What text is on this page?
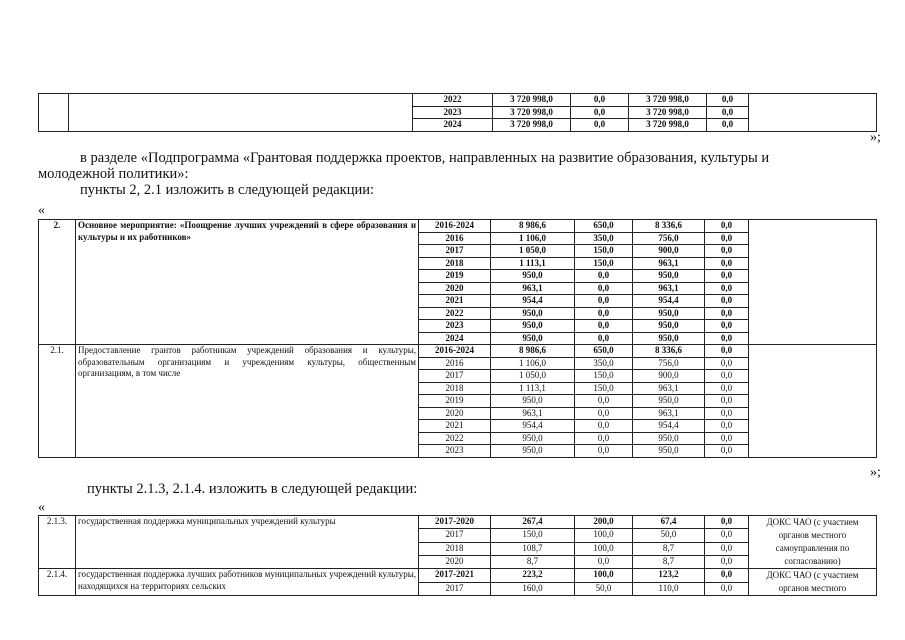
		2022	3 720 998,0	0,0	3 720 998,0	0,0	
		2023	3 720 998,0	0,0	3 720 998,0	0,0	
		2024	3 720 998,0	0,0	3 720 998,0	0,0	
»;
в разделе «Подпрограмма «Грантовая поддержка проектов, направленных на развитие образования, культуры и
молодежной политики»:
пункты 2, 2.1 изложить в следующей редакции:
«
2.	Основное мероприятие: «Поощрение лучших учреждений в сфере образования и культуры и их работников»	2016-2024	8 986,6	650,0	8 336,6	0,0	
		2016	1 106,0	350,0	756,0	0,0	
		2017	1 050,0	150,0	900,0	0,0	
		2018	1 113,1	150,0	963,1	0,0	
		2019	950,0	0,0	950,0	0,0	
		2020	963,1	0,0	963,1	0,0	
		2021	954,4	0,0	954,4	0,0	
		2022	950,0	0,0	950,0	0,0	
		2023	950,0	0,0	950,0	0,0	
		2024	950,0	0,0	950,0	0,0	
2.1.	Предоставление грантов работникам учреждений образования и культуры, образовательным организациям и учреждениям культуры, общественным организациям, в том числе	2016-2024	8 986,6	650,0	8 336,6	0,0	
		2016	1 106,0	350,0	756,0	0,0	
		2017	1 050,0	150,0	900,0	0,0	
		2018	1 113,1	150,0	963,1	0,0	
		2019	950,0	0,0	950,0	0,0	
		2020	963,1	0,0	963,1	0,0	
		2021	954,4	0,0	954,4	0,0	
		2022	950,0	0,0	950,0	0,0	
		2023	950,0	0,0	950,0	0,0	
»;
пункты 2.1.3, 2.1.4. изложить в следующей редакции:
«
2.1.3.	государственная поддержка муниципальных учреждений культуры	2017-2020	267,4	200,0	67,4	0,0	ДОКС ЧАО (с участием органов местного самоуправления по согласованию)
		2017	150,0	100,0	50,0	0,0	
		2018	108,7	100,0	8,7	0,0	
		2020	8,7	0,0	8,7	0,0	
2.1.4.	государственная поддержка лучших работников муниципальных учреждений культуры, находящихся на территориях сельских	2017-2021	223,2	100,0	123,2	0,0	ДОКС ЧАО (с участием органов местного
		2017	160,0	50,0	110,0	0,0	
